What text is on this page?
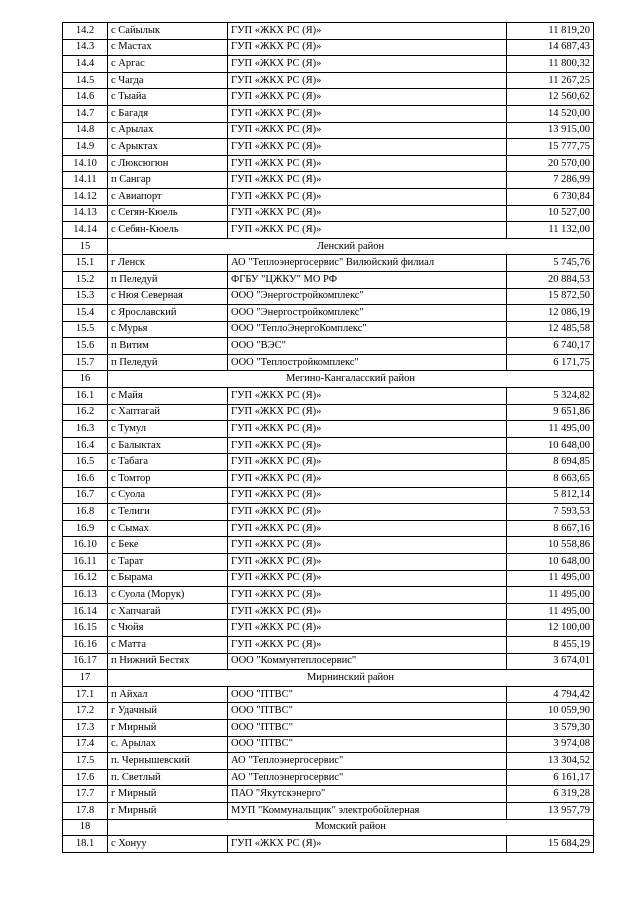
14.2	с Сайылык	ГУП «ЖКХ РС (Я)»	11 819,20
14.3	с Мастах	ГУП «ЖКХ РС (Я)»	14 687,43
14.4	с Аргас	ГУП «ЖКХ РС (Я)»	11 800,32
14.5	с Чагда	ГУП «ЖКХ РС (Я)»	11 267,25
14.6	с Тыайа	ГУП «ЖКХ РС (Я)»	12 560,62
14.7	с Багадя	ГУП «ЖКХ РС (Я)»	14 520,00
14.8	с Арылах	ГУП «ЖКХ РС (Я)»	13 915,00
14.9	с Арыктах	ГУП «ЖКХ РС (Я)»	15 777,75
14.10	с Люксюгюн	ГУП «ЖКХ РС (Я)»	20 570,00
14.11	п Сангар	ГУП «ЖКХ РС (Я)»	7 286,99
14.12	с Авиапорт	ГУП «ЖКХ РС (Я)»	6 730,84
14.13	с Сегян-Кюель	ГУП «ЖКХ РС (Я)»	10 527,00
14.14	с Себян-Кюель	ГУП «ЖКХ РС (Я)»	11 132,00
15	Ленский район		
15.1	г Ленск	АО "Теплоэнергосервис" Вилюйский филиал	5 745,76
15.2	п Пеледуй	ФГБУ "ЦЖКУ" МО РФ	20 884,53
15.3	с Нюя Северная	ООО "Энергостройкомплекс"	15 872,50
15.4	с Ярославский	ООО "Энергостройкомплекс"	12 086,19
15.5	с Мурья	ООО "ТеплоЭнергоКомплекс"	12 485,58
15.6	п Витим	ООО "ВЭС"	6 740,17
15.7	п Пеледуй	ООО "Теплостройкомплекс"	6 171,75
16	Мегино-Кангаласский район		
16.1	с Майя	ГУП «ЖКХ РС (Я)»	5 324,82
16.2	с Хаптагай	ГУП «ЖКХ РС (Я)»	9 651,86
16.3	с Тумул	ГУП «ЖКХ РС (Я)»	11 495,00
16.4	с Балыктах	ГУП «ЖКХ РС (Я)»	10 648,00
16.5	с Табага	ГУП «ЖКХ РС (Я)»	8 694,85
16.6	с Томтор	ГУП «ЖКХ РС (Я)»	8 663,65
16.7	с Суола	ГУП «ЖКХ РС (Я)»	5 812,14
16.8	с Телиги	ГУП «ЖКХ РС (Я)»	7 593,53
16.9	с Сымах	ГУП «ЖКХ РС (Я)»	8 667,16
16.10	с Беке	ГУП «ЖКХ РС (Я)»	10 558,86
16.11	с Тарат	ГУП «ЖКХ РС (Я)»	10 648,00
16.12	с Бырама	ГУП «ЖКХ РС (Я)»	11 495,00
16.13	с Суола (Морук)	ГУП «ЖКХ РС (Я)»	11 495,00
16.14	с Хапчагай	ГУП «ЖКХ РС (Я)»	11 495,00
16.15	с Чюйя	ГУП «ЖКХ РС (Я)»	12 100,00
16.16	с Матта	ГУП «ЖКХ РС (Я)»	8 455,19
16.17	п Нижний Бестях	ООО "Коммунтеплосервис"	3 674,01
17	Мирнинский район		
17.1	п Айхал	ООО "ПТВС"	4 794,42
17.2	г Удачный	ООО "ПТВС"	10 059,90
17.3	г Мирный	ООО "ПТВС"	3 579,30
17.4	с. Арылах	ООО "ПТВС"	3 974,08
17.5	п. Чернышевский	АО "Теплоэнергосервис"	13 304,52
17.6	п. Светлый	АО "Теплоэнергосервис"	6 161,17
17.7	г Мирный	ПАО "Якутскэнерго"	6 319,28
17.8	г Мирный	МУП "Коммунальщик" электробойлерная	13 957,79
18	Момский район		
18.1	с Хонуу	ГУП «ЖКХ РС (Я)»	15 684,29
